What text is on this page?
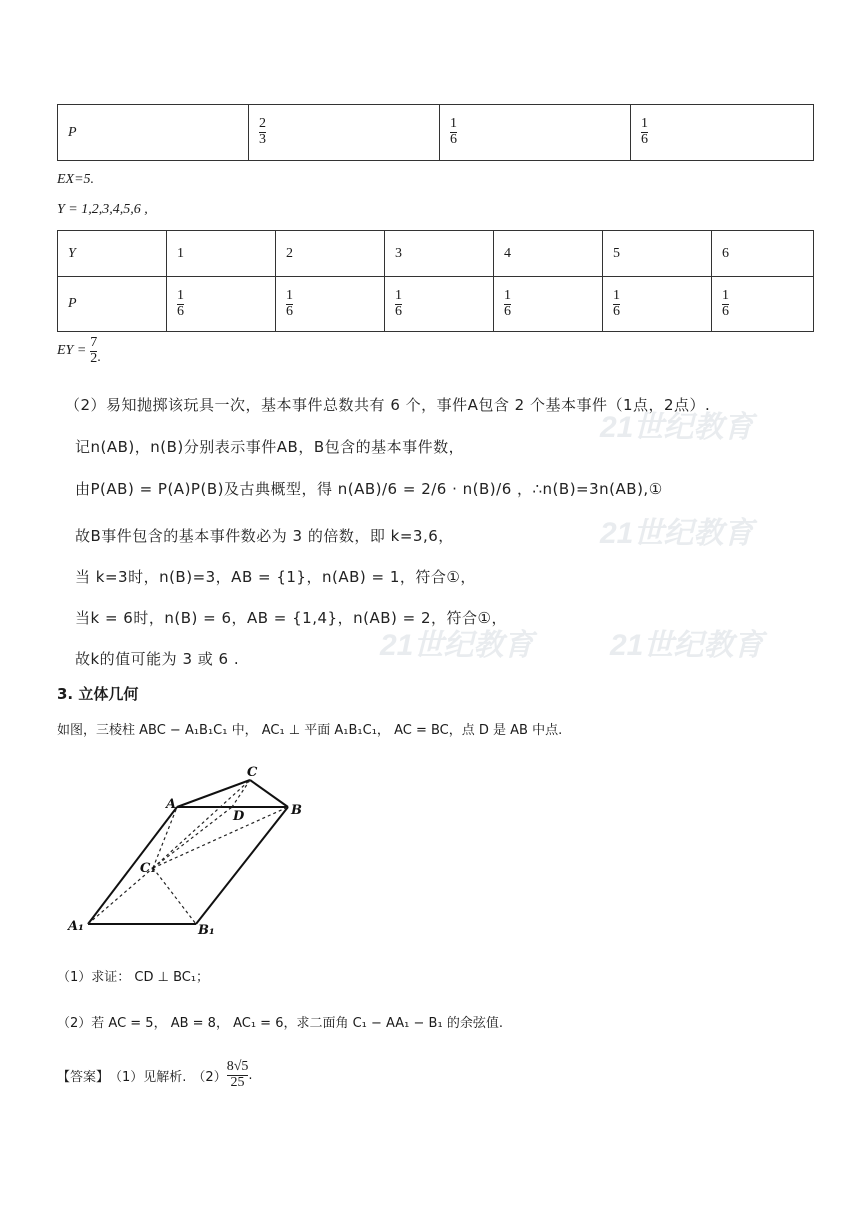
21世纪教育
21世纪教育
21世纪教育	21世纪教育
P	$\frac{2}{3}$	$\frac{1}{6}$	$\frac{1}{6}$
EX=5.
Y = 1,2,3,4,5,6 ,
Y	1	2	3	4	5	6
P	$\frac{1}{6}$	$\frac{1}{6}$	$\frac{1}{6}$	$\frac{1}{6}$	$\frac{1}{6}$	$\frac{1}{6}$
EY = $\frac{7}{2}$ .
（2）易知抛掷该玩具一次，基本事件总数共有 6 个，事件A包含 2 个基本事件（1点，2点）.
记n(AB)，n(B)分别表示事件AB，B包含的基本事件数，
由P(AB) = P(A)P(B)及古典概型，得 n(AB)/6 = 2/6 · n(B)/6 ，∴n(B)=3n(AB),①
故B事件包含的基本事件数必为 3 的倍数，即 k=3,6，
当 k=3时，n(B)=3，AB = {1}，n(AB) = 1，符合①，
当k = 6时，n(B) = 6，AB = {1,4}，n(AB) = 2，符合①，
故k的值可能为 3 或 6 .
3. 立体几何
如图，三棱柱 ABC − A₁B₁C₁ 中， AC₁ ⊥ 平面 A₁B₁C₁， AC = BC，点 D 是 AB 中点.
A	B
C
D
C₁
A₁	B₁
（1）求证： CD ⊥ BC₁；
（2）若 AC = 5， AB = 8， AC₁ = 6，求二面角 C₁ − AA₁ − B₁ 的余弦值.
【答案】 （1）见解析. $(2) \frac{8√5}{25}$ .
